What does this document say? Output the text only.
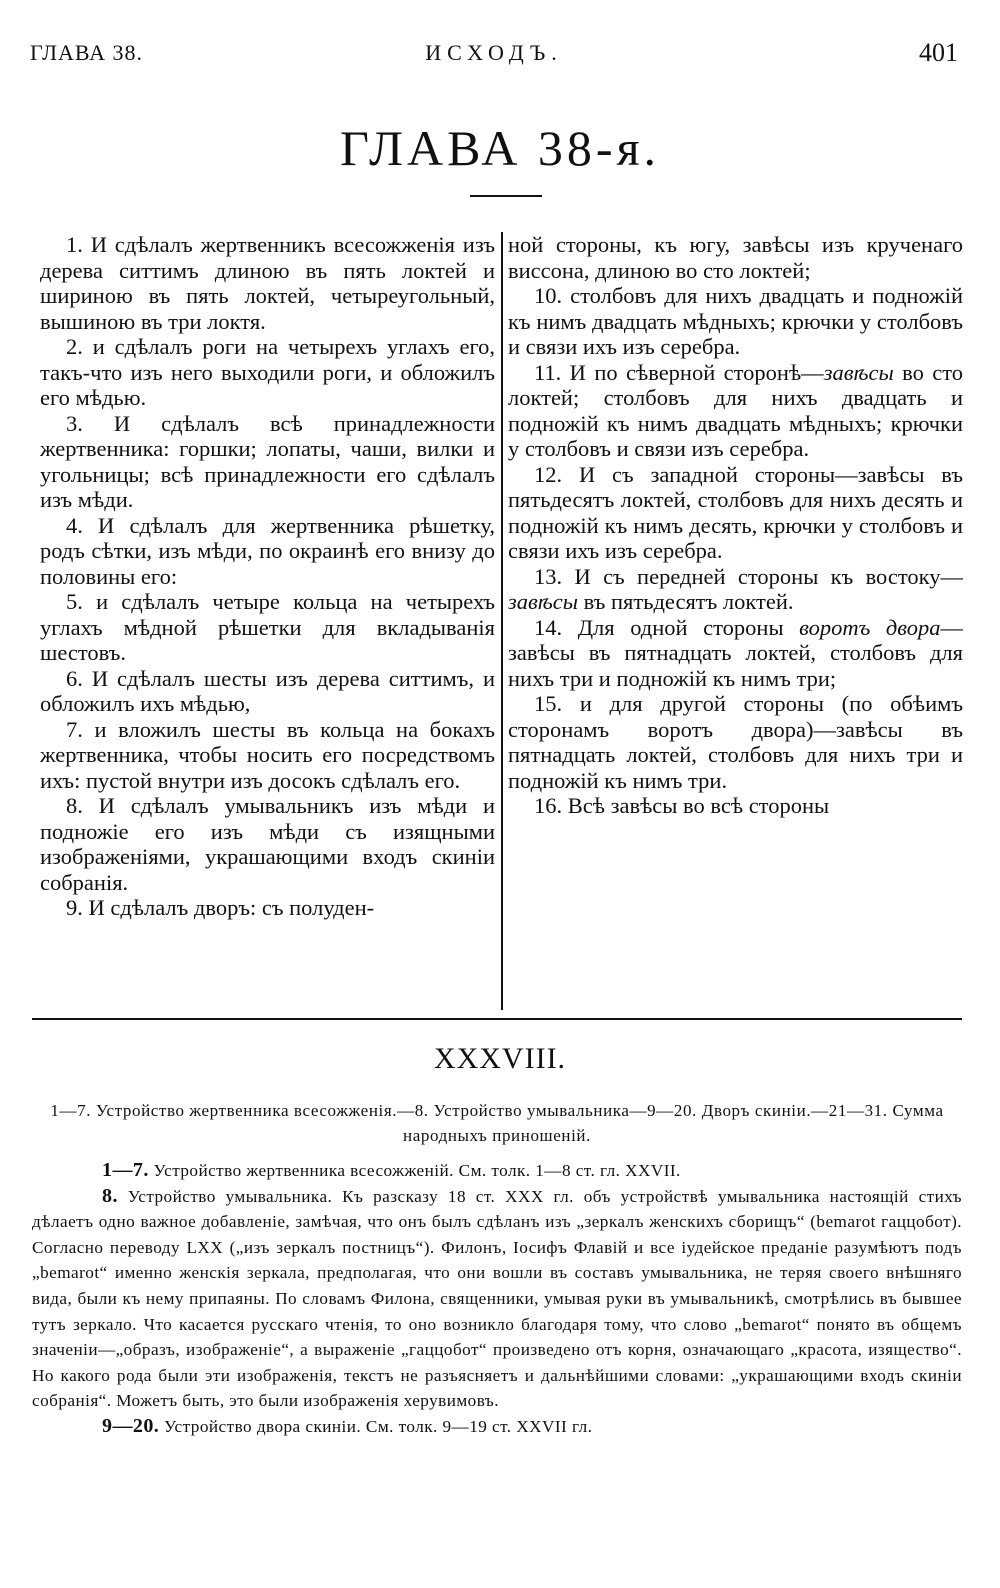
ГЛАВА 38.	ИСХОДЪ.	401
ГЛАВА 38-я.

1. И сдѣлалъ жертвенникъ всесожженія изъ дерева ситтимъ длиною въ пять локтей и шириною въ пять локтей, четыреугольный, вышиною въ три локтя.

2. и сдѣлалъ роги на четырехъ углахъ его, такъ-что изъ него выходили роги, и обложилъ его мѣдью.

3. И сдѣлалъ всѣ принадлежности жертвенника: горшки; лопаты, чаши, вилки и угольницы; всѣ принадлежности его сдѣлалъ изъ мѣди.

4. И сдѣлалъ для жертвенника рѣшетку, родъ сѣтки, изъ мѣди, по окраинѣ его внизу до половины его:

5. и сдѣлалъ четыре кольца на четырехъ углахъ мѣдной рѣшетки для вкладыванія шестовъ.

6. И сдѣлалъ шесты изъ дерева ситтимъ, и обложилъ ихъ мѣдью,

7. и вложилъ шесты въ кольца на бокахъ жертвенника, чтобы носить его посредствомъ ихъ: пустой внутри изъ досокъ сдѣлалъ его.

8. И сдѣлалъ умывальникъ изъ мѣди и подножіе его изъ мѣди съ изящными изображеніями, украшающими входъ скиніи собранія.

9. И сдѣлалъ дворъ: съ полуден-

ной стороны, къ югу, завѣсы изъ крученаго виссона, длиною во сто локтей;

10. столбовъ для нихъ двадцать и подножій къ нимъ двадцать мѣдныхъ; крючки у столбовъ и связи ихъ изъ серебра.

11. И по сѣверной сторонѣ—завѣсы во сто локтей; столбовъ для нихъ двадцать и подножій къ нимъ двадцать мѣдныхъ; крючки у столбовъ и связи изъ серебра.

12. И съ западной стороны—завѣсы въ пятьдесятъ локтей, столбовъ для нихъ десять и подножій къ нимъ десять, крючки у столбовъ и связи ихъ изъ серебра.

13. И съ передней стороны къ востоку—завѣсы въ пятьдесятъ локтей.

14. Для одной стороны воротъ двора—завѣсы въ пятнадцать локтей, столбовъ для нихъ три и подножій къ нимъ три;

15. и для другой стороны (по обѣимъ сторонамъ воротъ двора)—завѣсы въ пятнадцать локтей, столбовъ для нихъ три и подножій къ нимъ три.

16. Всѣ завѣсы во всѣ стороны

XXXVIII.
1—7. Устройство жертвенника всесожженія.—8. Устройство умывальника—9—20. Дворъ скиніи.—21—31. Сумма народныхъ приношеній.

1—7. Устройство жертвенника всесожженій. См. толк. 1—8 ст. гл. XXVII.

8. Устройство умывальника. Къ разсказу 18 ст. XXX гл. объ устройствѣ умывальника настоящій стихъ дѣлаетъ одно важное добавленіе, замѣчая, что онъ былъ сдѣланъ изъ „зеркалъ женскихъ сборищъ“ (bemarot гаццобот). Согласно переводу LXX („изъ зеркалъ постницъ“). Филонъ, Іосифъ Флавій и все іудейское преданіе разумѣютъ подъ „bemarot“ именно женскія зеркала, предполагая, что они вошли въ составъ умывальника, не теряя своего внѣшняго вида, были къ нему припаяны. По словамъ Филона, священники, умывая руки въ умывальникѣ, смотрѣлись въ бывшее тутъ зеркало. Что касается русскаго чтенія, то оно возникло благодаря тому, что слово „bemarot“ понято въ общемъ значеніи—„образъ, изображеніе“, а выраженіе „гаццобот“ произведено отъ корня, означающаго „красота, изящество“. Но какого рода были эти изображенія, текстъ не разъясняетъ и дальнѣйшими словами: „украшающими входъ скиніи собранія“. Можетъ быть, это были изображенія херувимовъ.

9—20. Устройство двора скиніи. См. толк. 9—19 ст. XXVII гл.
